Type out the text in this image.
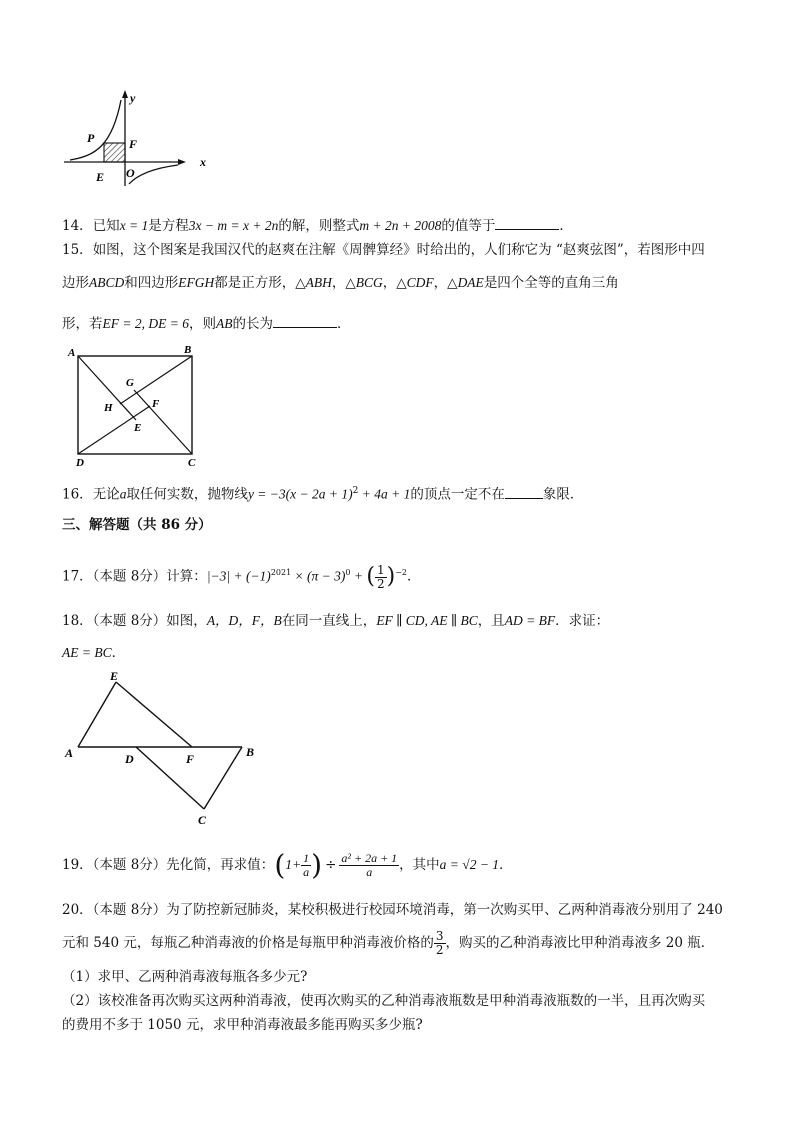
y
x
P	F
E O
14．已知x = 1是方程3x − m = x + 2n的解，则整式m + 2n + 2008的值等于	．
15．如图，这个图案是我国汉代的赵爽在注解《周髀算经》时给出的，人们称它为 “赵爽弦图”，若图形中四
边形ABCD和四边形EFGH都是正方形，△ABH，△BCG，△CDF，△DAE是四个全等的直角三角
形，若EF = 2, DE = 6，则AB的长为	．
A	B
C
D
G
H	F
E
16．无论a取任何实数，抛物线$y = -3(x - 2a + 1)^2 + 4a + 1$的顶点一定不在	象限．
三、解答题（共 86 分）
17．（本题 8分）计算：$|-3| + (-1)^{2021} \times (\pi - 3)^0$ + ( $\frac{1}{2} )^{-2}$．
18．（本题 8分）如图，A，D，F，B在同一直线上，EF ∥ CD, AE ∥ BC，且AD = BF．求证：
AE = BC．
E
A	D	F	B
C
19．（本题 8分）先化简，再求值：($1+ \frac{1}{a}$ ) ÷ $\frac{\text{a² + 2a + 1}}{a}$ ，其中a = √2 − 1．
20．（本题 8分）为了防控新冠肺炎，某校积极进行校园环境消毒，第一次购买甲、乙两种消毒液分别用了 240
元和 540 元，每瓶乙种消毒液的价格是每瓶甲种消毒液价格的 $\frac{3}{2}$ ，购买的乙种消毒液比甲种消毒液多 20 瓶．
（1）求甲、乙两种消毒液每瓶各多少元?
（2）该校准备再次购买这两种消毒液，使再次购买的乙种消毒液瓶数是甲种消毒液瓶数的一半，且再次购买
的费用不多于 1050 元，求甲种消毒液最多能再购买多少瓶?
